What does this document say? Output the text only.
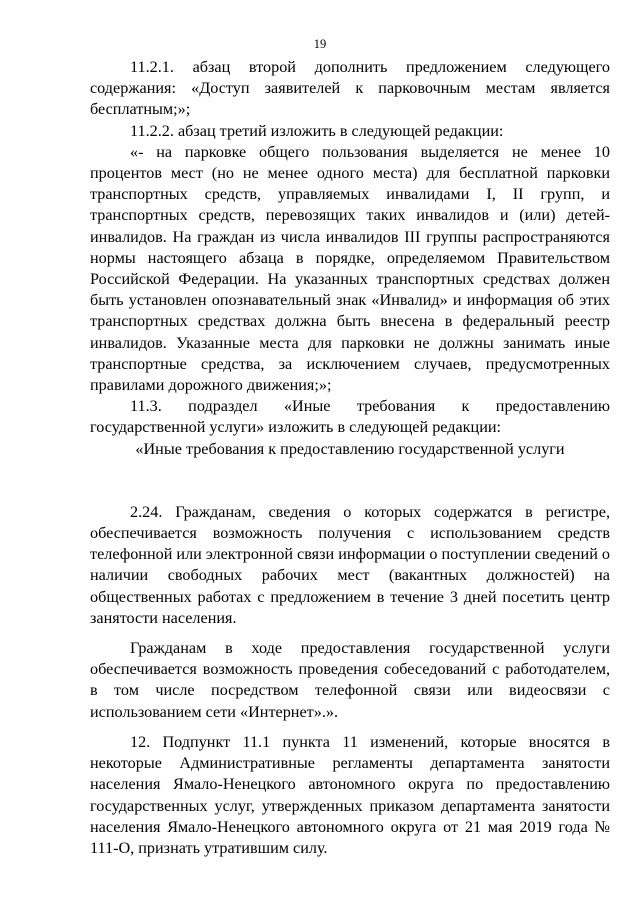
19

11.2.1. абзац второй дополнить предложением следующего содержания: «Доступ заявителей к парковочным местам является бесплатным;»;

11.2.2. абзац третий изложить в следующей редакции:

«- на парковке общего пользования выделяется не менее 10 процентов мест (но не менее одного места) для бесплатной парковки транспортных средств, управляемых инвалидами I, II групп, и транспортных средств, перевозящих таких инвалидов и (или) детей-инвалидов. На граждан из числа инвалидов III группы распространяются нормы настоящего абзаца в порядке, определяемом Правительством Российской Федерации. На указанных транспортных средствах должен быть установлен опознавательный знак «Инвалид» и информация об этих транспортных средствах должна быть внесена в федеральный реестр инвалидов. Указанные места для парковки не должны занимать иные транспортные средства, за исключением случаев, предусмотренных правилами дорожного движения;»;

11.3. подраздел «Иные требования к предоставлению государственной услуги» изложить в следующей редакции:

«Иные требования к предоставлению государственной услуги

2.24. Гражданам, сведения о которых содержатся в регистре, обеспечивается возможность получения с использованием средств телефонной или электронной связи информации о поступлении сведений о наличии свободных рабочих мест (вакантных должностей) на общественных работах с предложением в течение 3 дней посетить центр занятости населения.

Гражданам в ходе предоставления государственной услуги обеспечивается возможность проведения собеседований с работодателем, в том числе посредством телефонной связи или видеосвязи с использованием сети «Интернет».».

12. Подпункт 11.1 пункта 11 изменений, которые вносятся в некоторые Административные регламенты департамента занятости населения Ямало-Ненецкого автономного округа по предоставлению государственных услуг, утвержденных приказом департамента занятости населения Ямало-Ненецкого автономного округа от 21 мая 2019 года № 111-О, признать утратившим силу.
